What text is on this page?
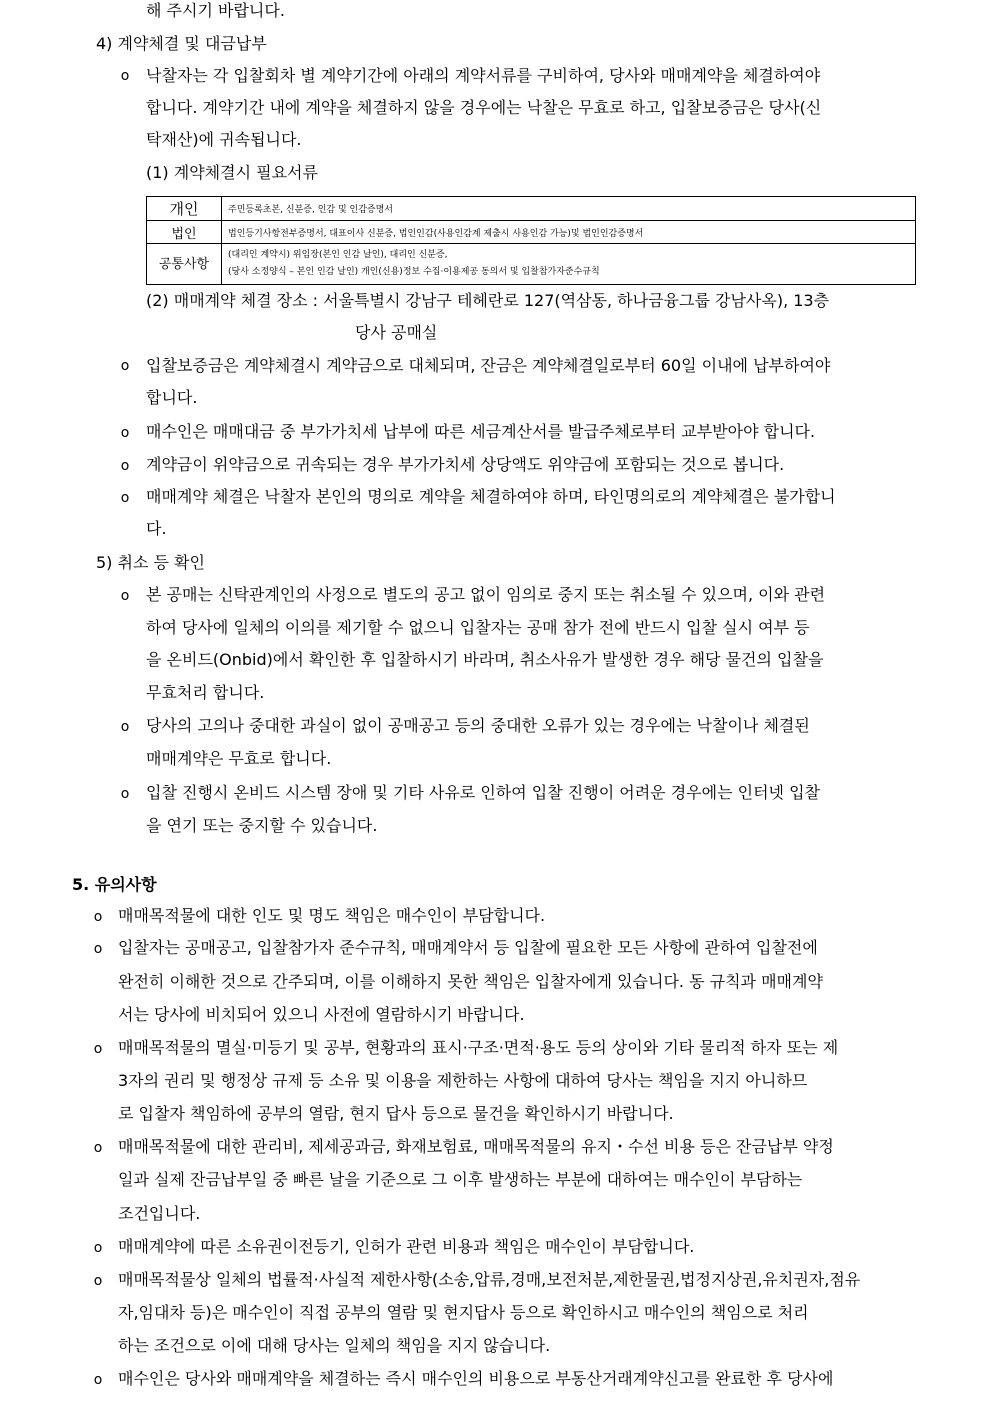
해 주시기 바랍니다.
4) 계약체결 및 대금납부
o
낙찰자는 각 입찰회차 별 계약기간에 아래의 계약서류를 구비하여, 당사와 매매계약을 체결하여야
합니다. 계약기간 내에 계약을 체결하지 않을 경우에는 낙찰은 무효로 하고, 입찰보증금은 당사(신
탁재산)에 귀속됩니다.
(1) 계약체결시 필요서류
개인	주민등록초본, 신분증, 인감 및 인감증명서
법인	법인등기사항전부증명서, 대표이사 신분증, 법인인감(사용인감계 제출시 사용인감 가능)및 법인인감증명서
공통사항	(대리인 계약시) 위임장(본인 인감 날인), 대리인 신분증,
(당사 소정양식 – 본인 인감 날인) 개인(신용)정보 수집·이용제공 동의서 및 입찰참가자준수규칙
(2) 매매계약 체결 장소 : 서울특별시 강남구 테헤란로 127(역삼동, 하나금융그룹 강남사옥), 13층
당사 공매실
o
입찰보증금은 계약체결시 계약금으로 대체되며, 잔금은 계약체결일로부터 60일 이내에 납부하여야
합니다.
o
매수인은 매매대금 중 부가가치세 납부에 따른 세금계산서를 발급주체로부터 교부받아야 합니다.
o
계약금이 위약금으로 귀속되는 경우 부가가치세 상당액도 위약금에 포함되는 것으로 봅니다.
o
매매계약 체결은 낙찰자 본인의 명의로 계약을 체결하여야 하며, 타인명의로의 계약체결은 불가합니
다.
5) 취소 등 확인
o
본 공매는 신탁관계인의 사정으로 별도의 공고 없이 임의로 중지 또는 취소될 수 있으며, 이와 관련
하여 당사에 일체의 이의를 제기할 수 없으니 입찰자는 공매 참가 전에 반드시 입찰 실시 여부 등
을 온비드(Onbid)에서 확인한 후 입찰하시기 바라며, 취소사유가 발생한 경우 해당 물건의 입찰을
무효처리 합니다.
o
당사의 고의나 중대한 과실이 없이 공매공고 등의 중대한 오류가 있는 경우에는 낙찰이나 체결된
매매계약은 무효로 합니다.
o
입찰 진행시 온비드 시스템 장애 및 기타 사유로 인하여 입찰 진행이 어려운 경우에는 인터넷 입찰
을 연기 또는 중지할 수 있습니다.
5. 유의사항
o
매매목적물에 대한 인도 및 명도 책임은 매수인이 부담합니다.
o
입찰자는 공매공고, 입찰참가자 준수규칙, 매매계약서 등 입찰에 필요한 모든 사항에 관하여 입찰전에
완전히 이해한 것으로 간주되며, 이를 이해하지 못한 책임은 입찰자에게 있습니다. 동 규칙과 매매계약
서는 당사에 비치되어 있으니 사전에 열람하시기 바랍니다.
o
매매목적물의 멸실·미등기 및 공부, 현황과의 표시·구조·면적·용도 등의 상이와 기타 물리적 하자 또는 제
3자의 권리 및 행정상 규제 등 소유 및 이용을 제한하는 사항에 대하여 당사는 책임을 지지 아니하므
로 입찰자 책임하에 공부의 열람, 현지 답사 등으로 물건을 확인하시기 바랍니다.
o
매매목적물에 대한 관리비, 제세공과금, 화재보험료, 매매목적물의 유지・수선 비용 등은 잔금납부 약정
일과 실제 잔금납부일 중 빠른 날을 기준으로 그 이후 발생하는 부분에 대하여는 매수인이 부담하는
조건입니다.
o
매매계약에 따른 소유권이전등기, 인허가 관련 비용과 책임은 매수인이 부담합니다.
o
매매목적물상 일체의 법률적·사실적 제한사항(소송,압류,경매,보전처분,제한물권,법정지상권,유치권자,점유
자,임대차 등)은 매수인이 직접 공부의 열람 및 현지답사 등으로 확인하시고 매수인의 책임으로 처리
하는 조건으로 이에 대해 당사는 일체의 책임을 지지 않습니다.
o
매수인은 당사와 매매계약을 체결하는 즉시 매수인의 비용으로 부동산거래계약신고를 완료한 후 당사에
